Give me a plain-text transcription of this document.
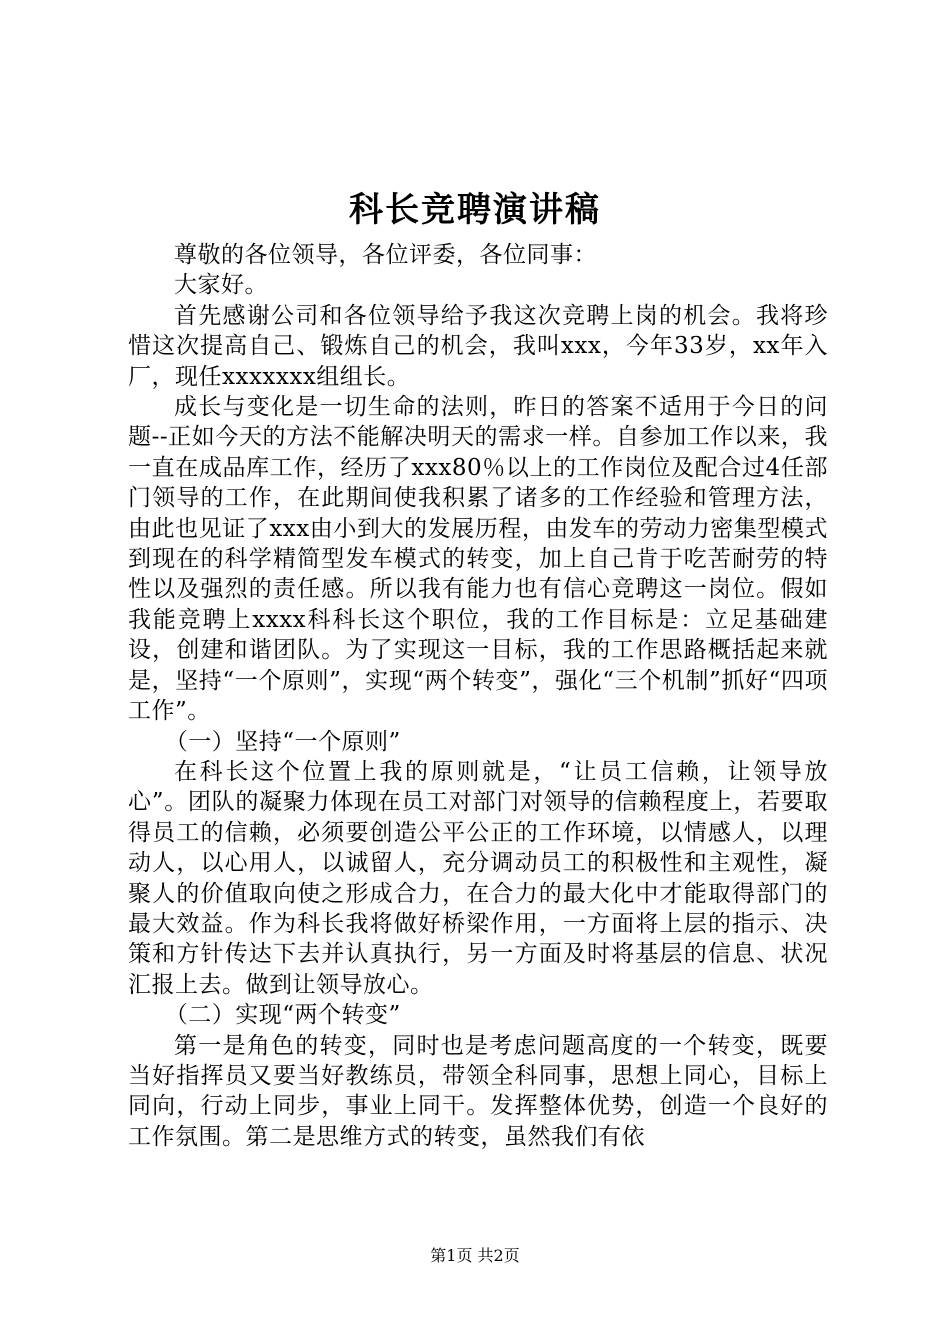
科长竞聘演讲稿

尊敬的各位领导，各位评委，各位同事：

大家好。

首先感谢公司和各位领导给予我这次竞聘上岗的机会。我将珍惜这次提高自己、锻炼自己的机会，我叫xxx，今年33岁，xx年入厂，现任xxxxxxx组组长。

成长与变化是一切生命的法则，昨日的答案不适用于今日的问题--正如今天的方法不能解决明天的需求一样。自参加工作以来，我一直在成品库工作，经历了xxx80％以上的工作岗位及配合过4任部门领导的工作，在此期间使我积累了诸多的工作经验和管理方法，由此也见证了xxx由小到大的发展历程，由发车的劳动力密集型模式到现在的科学精简型发车模式的转变，加上自己肯于吃苦耐劳的特性以及强烈的责任感。所以我有能力也有信心竞聘这一岗位。假如我能竞聘上xxxx科科长这个职位，我的工作目标是：立足基础建设，创建和谐团队。为了实现这一目标，我的工作思路概括起来就是，坚持“一个原则”，实现“两个转变”，强化“三个机制”抓好“四项工作”。

（一）坚持“一个原则”

在科长这个位置上我的原则就是，“让员工信赖，让领导放心”。团队的凝聚力体现在员工对部门对领导的信赖程度上，若要取得员工的信赖，必须要创造公平公正的工作环境，以情感人，以理动人，以心用人，以诚留人，充分调动员工的积极性和主观性，凝聚人的价值取向使之形成合力，在合力的最大化中才能取得部门的最大效益。作为科长我将做好桥梁作用，一方面将上层的指示、决策和方针传达下去并认真执行，另一方面及时将基层的信息、状况汇报上去。做到让领导放心。

（二）实现“两个转变”

第一是角色的转变，同时也是考虑问题高度的一个转变，既要当好指挥员又要当好教练员，带领全科同事，思想上同心，目标上同向，行动上同步，事业上同干。发挥整体优势，创造一个良好的工作氛围。第二是思维方式的转变，虽然我们有依

第1页 共2页
